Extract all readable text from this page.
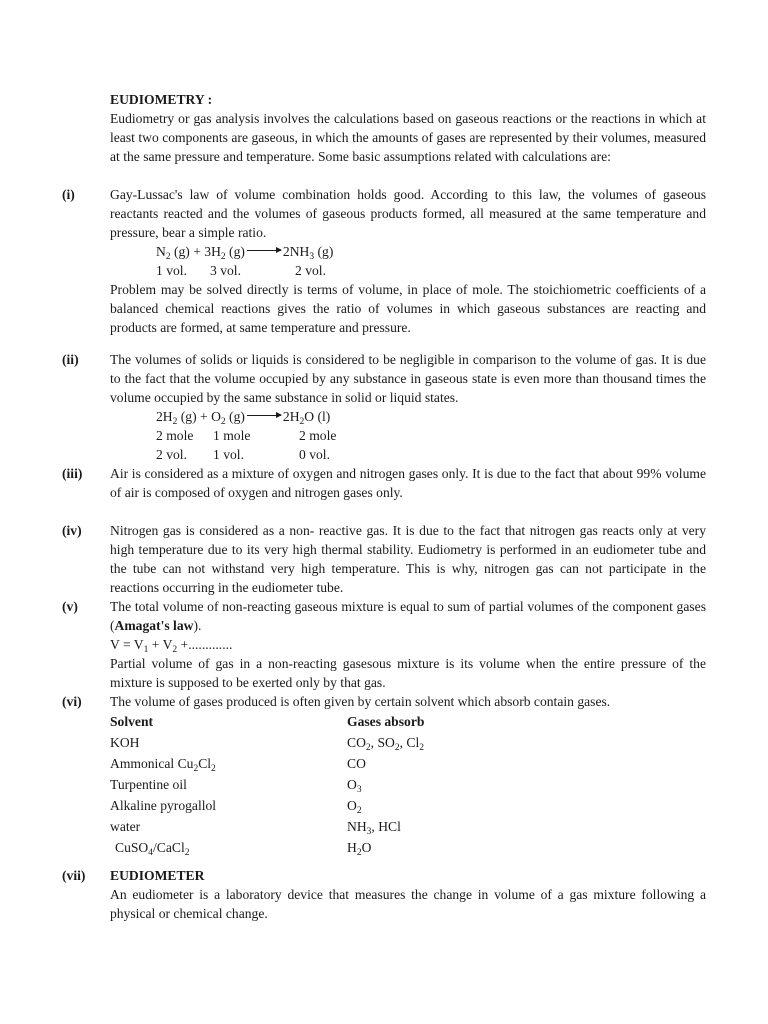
EUDIOMETRY :

Eudiometry or gas analysis involves the calculations based on gaseous reactions or the reactions in which at least two components are gaseous, in which the amounts of gases are represented by their volumes, measured at the same pressure and temperature. Some basic assumptions related with calculations are:

(i)	Gay-Lussac's law of volume combination holds good. According to this law, the volumes of gaseous reactants reacted and the volumes of gaseous products formed, all measured at the same temperature and pressure, bear a simple ratio.

$N_2$ $(g) + 3H_2$ $(g) \to 2NH_3$ (g)
1 vol. 3 vol.	2 vol.

Problem may be solved directly is terms of volume, in place of mole. The stoichiometric coefficients of a balanced chemical reactions gives the ratio of volumes in which gaseous substances are reacting and products are formed, at same temperature and pressure.

(ii) The volumes of solids or liquids is considered to be negligible in comparison to the volume of gas. It is due to the fact that the volume occupied by any substance in gaseous state is even more than thousand times the volume occupied by the same substance in solid or liquid states.

$2H_2$ $(g) + O_2$ $(g) \to 2H_2O$ (l)
2 mole 1 mole	2 mole
2 vol. 1 vol.	0 vol.
(iii) Air is considered as a mixture of oxygen and nitrogen gases only. It is due to the fact that about 99% volume of air is composed of oxygen and nitrogen gases only.

(iv) Nitrogen gas is considered as a non- reactive gas. It is due to the fact that nitrogen gas reacts only at very high temperature due to its very high thermal stability. Eudiometry is performed in an eudiometer tube and the tube can not withstand very high temperature. This is why, nitrogen gas can not participate in the reactions occurring in the eudiometer tube.

(v) The total volume of non-reacting gaseous mixture is equal to sum of partial volumes of the component gases (Amagat's law).

$V = V_1 + V_2$ +.............

Partial volume of gas in a non-reacting gasesous mixture is its volume when the entire pressure of the mixture is supposed to be exerted only by that gas.

(vi) The volume of gases produced is often given by certain solvent which absorb contain gases.

Solvent	Gases absorb
KOH	$CO_2$, $SO_2$, $Cl_2$
Ammonical $Cu_2Cl_2$	CO
Turpentine oil	$O_3$
Alkaline pyrogallol	$O_2$
water	$NH_3$, HCl
CuSO$_4$/CaCl$_2$	$H_2O$
(vii) EUDIOMETER

An eudiometer is a laboratory device that measures the change in volume of a gas mixture following a physical or chemical change.
